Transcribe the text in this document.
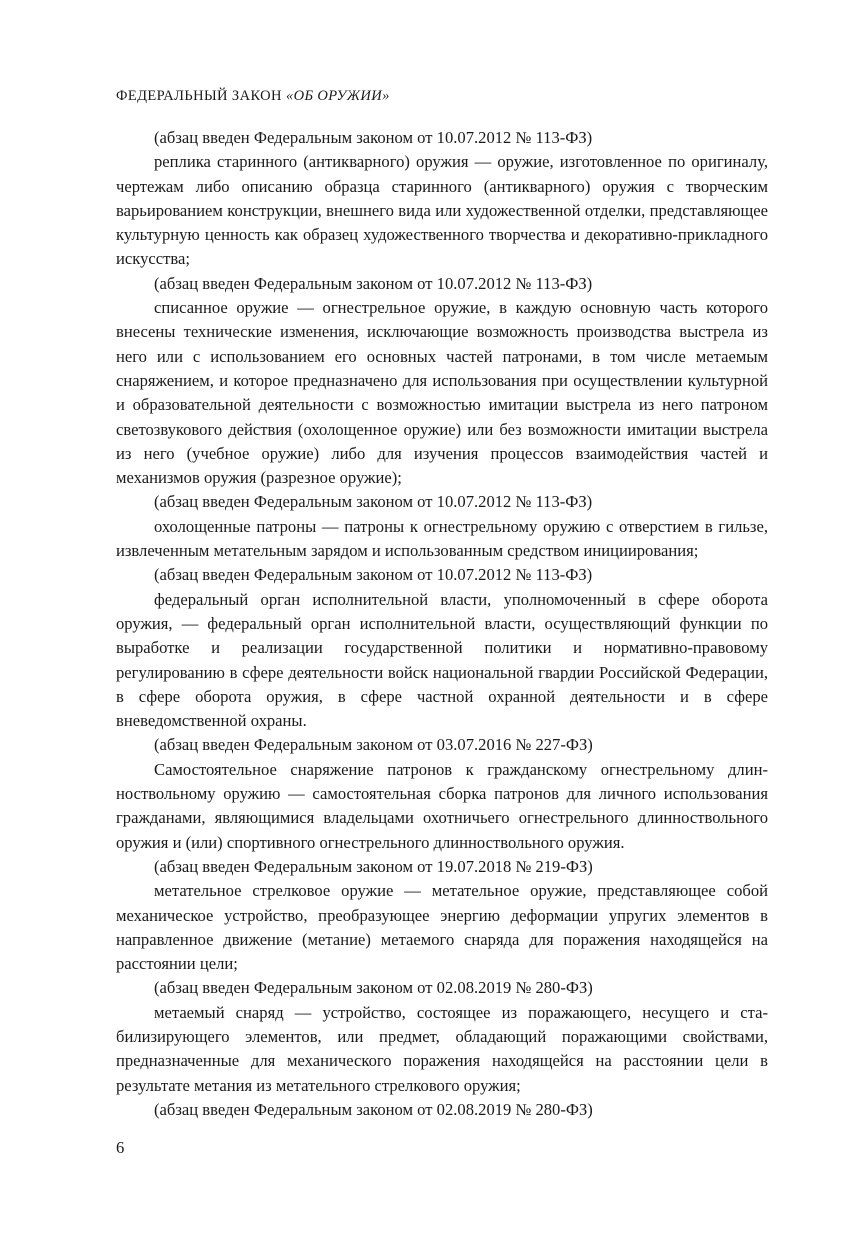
ФЕДЕРАЛЬНЫЙ ЗАКОН «ОБ ОРУЖИИ»

(абзац введен Федеральным законом от 10.07.2012 № 113-ФЗ)

реплика старинного (антикварного) оружия — оружие, изготовленное по оригиналу, чертежам либо описанию образца старинного (антикварного) оружия с творческим варьированием конструкции, внешнего вида или художественной отделки, представляющее культурную ценность как образец художественного творчества и декоративно-прикладного искусства;

(абзац введен Федеральным законом от 10.07.2012 № 113-ФЗ)

списанное оружие — огнестрельное оружие, в каждую основную часть которого внесены технические изменения, исключающие возможность производства выстрела из него или с использованием его основных частей патронами, в том числе метаемым снаряжением, и которое предназначено для использования при осуществлении культурной и образовательной деятельности с возможностью имитации выстрела из него патроном светозвукового действия (охолощенное оружие) или без возможности имитации выстрела из него (учебное оружие) либо для изучения процессов взаимодействия частей и механизмов оружия (разрезное оружие);

(абзац введен Федеральным законом от 10.07.2012 № 113-ФЗ)

охолощенные патроны — патроны к огнестрельному оружию с отверстием в гильзе, извлеченным метательным зарядом и использованным средством инициирования;

(абзац введен Федеральным законом от 10.07.2012 № 113-ФЗ)

федеральный орган исполнительной власти, уполномоченный в сфере оборота оружия, — федеральный орган исполнительной власти, осуществляющий функции по выработке и реализации государственной политики и нормативно-правовому регулированию в сфере деятельности войск национальной гвардии Российской Федерации, в сфере оборота оружия, в сфере частной охранной деятельности и в сфере вневедомственной охраны.

(абзац введен Федеральным законом от 03.07.2016 № 227-ФЗ)

Самостоятельное снаряжение патронов к гражданскому огнестрельному длинноствольному оружию — самостоятельная сборка патронов для личного использования гражданами, являющимися владельцами охотничьего огнестрельного длинноствольного оружия и (или) спортивного огнестрельного длинноствольного оружия.

(абзац введен Федеральным законом от 19.07.2018 № 219-ФЗ)

метательное стрелковое оружие — метательное оружие, представляющее собой механическое устройство, преобразующее энергию деформации упругих элементов в направленное движение (метание) метаемого снаряда для поражения находящейся на расстоянии цели;

(абзац введен Федеральным законом от 02.08.2019 № 280-ФЗ)

метаемый снаряд — устройство, состоящее из поражающего, несущего и стабилизирующего элементов, или предмет, обладающий поражающими свойствами, предназначенные для механического поражения находящейся на расстоянии цели в результате метания из метательного стрелкового оружия;

(абзац введен Федеральным законом от 02.08.2019 № 280-ФЗ)

6
